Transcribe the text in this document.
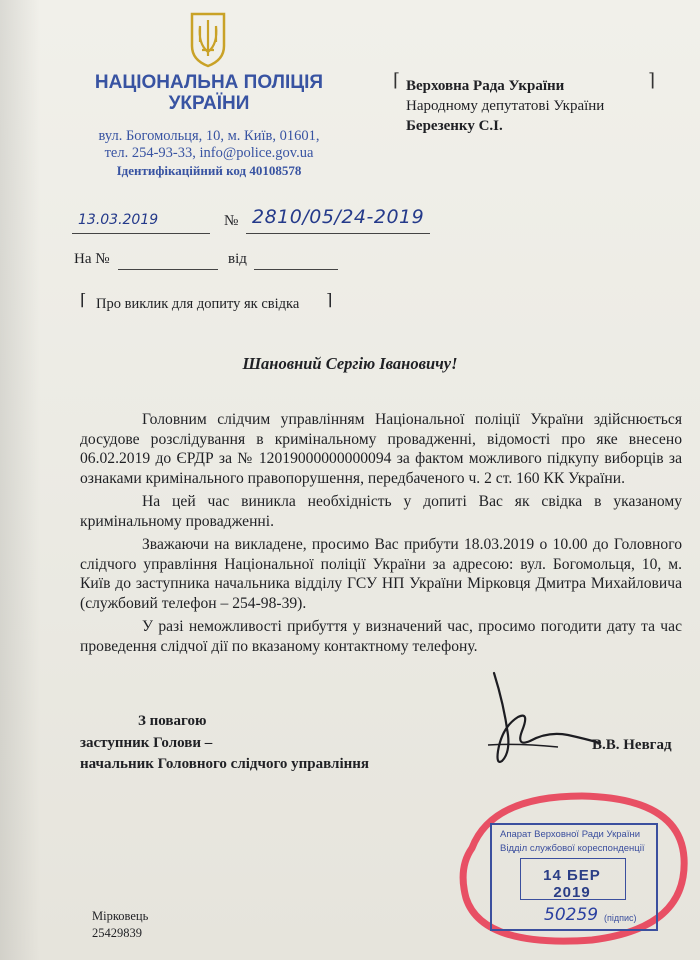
НАЦІОНАЛЬНА ПОЛІЦІЯ
УКРАЇНИ
вул. Богомольця, 10, м. Київ, 01601,
тел. 254-93-33, info@police.gov.ua
Ідентифікаційний код 40108578
⌈	⌉
Верховна Рада України
Народному депутатові України
Березенку С.І.
13.03.2019	№ 2810/05/24-2019
На №	від
⌈ Про виклик для допиту як свідка ⌉
Шановний Сергію Івановичу!

Головним слідчим управлінням Національної поліції України здійснюється досудове розслідування в кримінальному провадженні, відомості про яке внесено 06.02.2019 до ЄРДР за № 12019000000000094 за фактом можливого підкупу виборців за ознаками кримінального правопорушення, передбаченого ч. 2 ст. 160 КК України.

На цей час виникла необхідність у допиті Вас як свідка в указаному кримінальному провадженні.

Зважаючи на викладене, просимо Вас прибути 18.03.2019 о 10.00 до Головного слідчого управління Національної поліції України за адресою: вул. Богомольця, 10, м. Київ до заступника начальника відділу ГСУ НП України Мірковця Дмитра Михайловича (службовий телефон – 254-98-39).

У разі неможливості прибуття у визначений час, просимо погодити дату та час проведення слідчої дії по вказаному контактному телефону.

З повагою
заступник Голови –
начальник Головного слідчого управління
В.В. Невгад
Мірковець
25429839
Апарат Верховної Ради України
Відділ службової кореспонденції
14 БЕР 2019
50259 (підпис)
